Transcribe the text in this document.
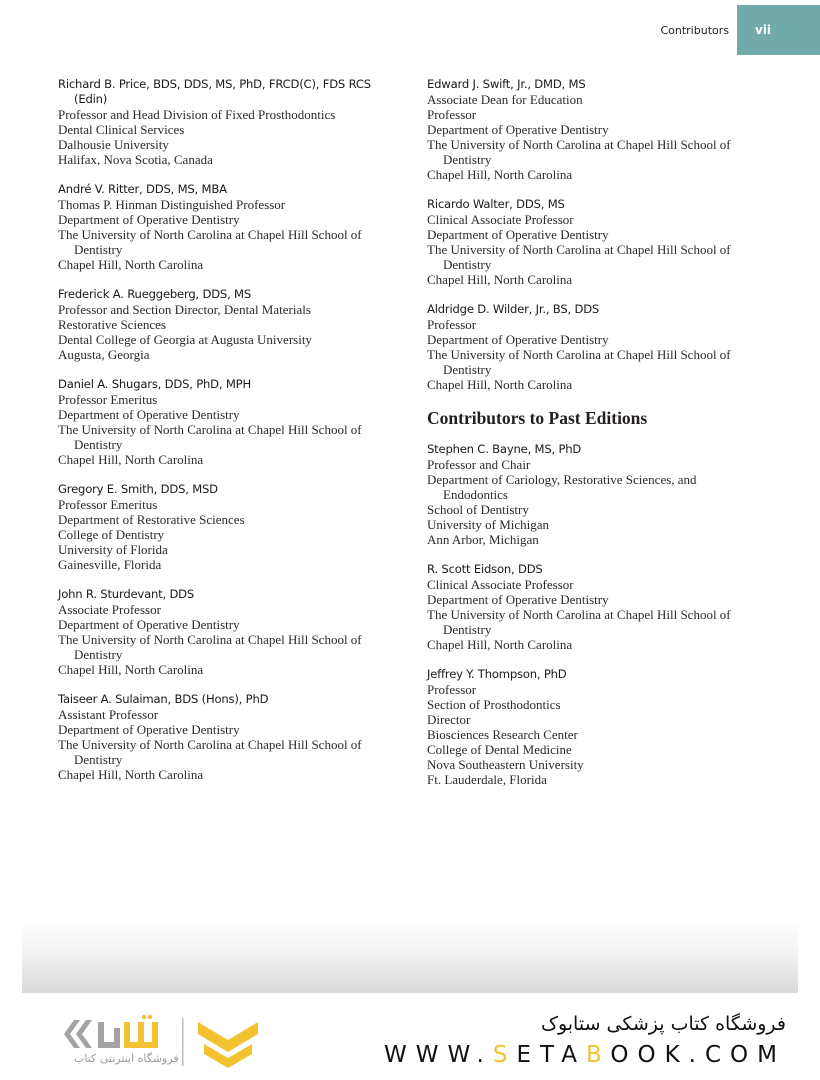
Contributors vii
Richard B. Price, BDS, DDS, MS, PhD, FRCD(C), FDS RCS (Edin)
Professor and Head Division of Fixed Prosthodontics
Dental Clinical Services
Dalhousie University
Halifax, Nova Scotia, Canada
André V. Ritter, DDS, MS, MBA
Thomas P. Hinman Distinguished Professor
Department of Operative Dentistry
The University of North Carolina at Chapel Hill School of Dentistry
Chapel Hill, North Carolina
Frederick A. Rueggeberg, DDS, MS
Professor and Section Director, Dental Materials
Restorative Sciences
Dental College of Georgia at Augusta University
Augusta, Georgia
Daniel A. Shugars, DDS, PhD, MPH
Professor Emeritus
Department of Operative Dentistry
The University of North Carolina at Chapel Hill School of Dentistry
Chapel Hill, North Carolina
Gregory E. Smith, DDS, MSD
Professor Emeritus
Department of Restorative Sciences
College of Dentistry
University of Florida
Gainesville, Florida
John R. Sturdevant, DDS
Associate Professor
Department of Operative Dentistry
The University of North Carolina at Chapel Hill School of Dentistry
Chapel Hill, North Carolina
Taiseer A. Sulaiman, BDS (Hons), PhD
Assistant Professor
Department of Operative Dentistry
The University of North Carolina at Chapel Hill School of Dentistry
Chapel Hill, North Carolina
Edward J. Swift, Jr., DMD, MS
Associate Dean for Education
Professor
Department of Operative Dentistry
The University of North Carolina at Chapel Hill School of Dentistry
Chapel Hill, North Carolina
Ricardo Walter, DDS, MS
Clinical Associate Professor
Department of Operative Dentistry
The University of North Carolina at Chapel Hill School of Dentistry
Chapel Hill, North Carolina
Aldridge D. Wilder, Jr., BS, DDS
Professor
Department of Operative Dentistry
The University of North Carolina at Chapel Hill School of Dentistry
Chapel Hill, North Carolina
Contributors to Past Editions
Stephen C. Bayne, MS, PhD
Professor and Chair
Department of Cariology, Restorative Sciences, and Endodontics
School of Dentistry
University of Michigan
Ann Arbor, Michigan
R. Scott Eidson, DDS
Clinical Associate Professor
Department of Operative Dentistry
The University of North Carolina at Chapel Hill School of Dentistry
Chapel Hill, North Carolina
Jeffrey Y. Thompson, PhD
Professor
Section of Prosthodontics
Director
Biosciences Research Center
College of Dental Medicine
Nova Southeastern University
Ft. Lauderdale, Florida
فروشگاه اینترنتی کتاب
فروشگاه کتاب پزشکی ستابوک
WWW.SETABOOK.COM
